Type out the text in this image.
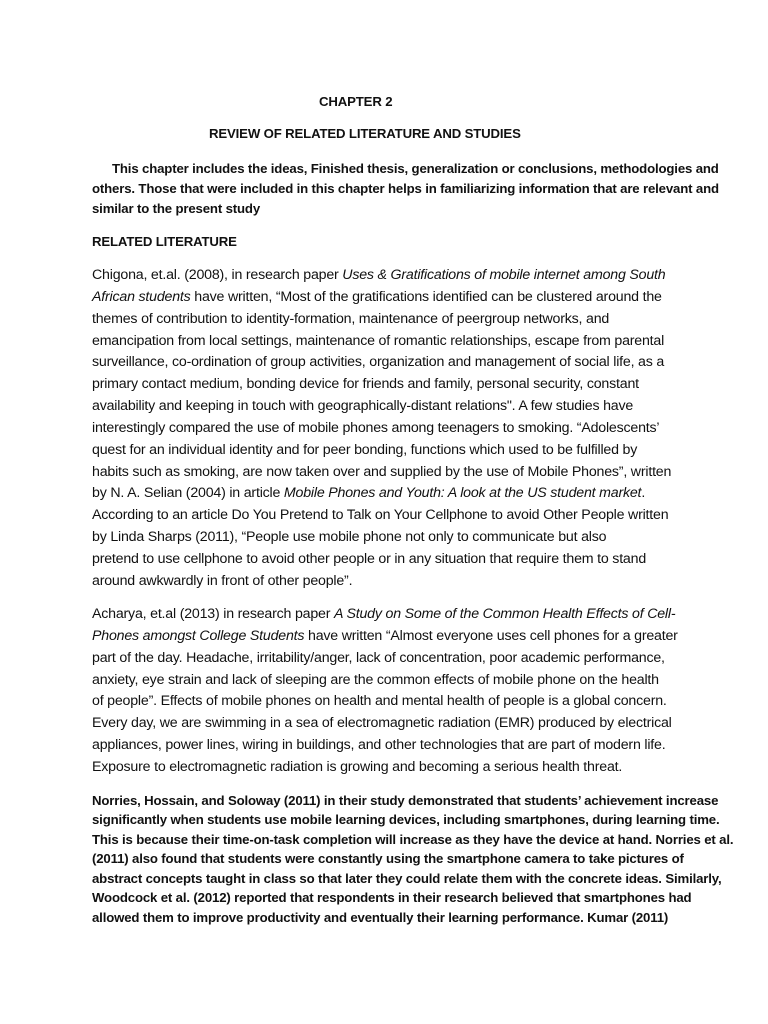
CHAPTER 2

REVIEW OF RELATED LITERATURE AND STUDIES

This chapter includes the ideas, Finished thesis, generalization or conclusions, methodologies and

others. Those that were included in this chapter helps in familiarizing information that are relevant and

similar to the present study

RELATED LITERATURE

Chigona, et.al. (2008), in research paper Uses & Gratifications of mobile internet among South

African students have written, “Most of the gratifications identified can be clustered around the

themes of contribution to identity-formation, maintenance of peergroup networks, and

emancipation from local settings, maintenance of romantic relationships, escape from parental

surveillance, co-ordination of group activities, organization and management of social life, as a

primary contact medium, bonding device for friends and family, personal security, constant

availability and keeping in touch with geographically-distant relations". A few studies have

interestingly compared the use of mobile phones among teenagers to smoking. “Adolescents’

quest for an individual identity and for peer bonding, functions which used to be fulfilled by

habits such as smoking, are now taken over and supplied by the use of Mobile Phones”, written

by N. A. Selian (2004) in article Mobile Phones and Youth: A look at the US student market.

According to an article Do You Pretend to Talk on Your Cellphone to avoid Other People written

by Linda Sharps (2011), “People use mobile phone not only to communicate but also

pretend to use cellphone to avoid other people or in any situation that require them to stand

around awkwardly in front of other people”.

Acharya, et.al (2013) in research paper A Study on Some of the Common Health Effects of Cell-

Phones amongst College Students have written “Almost everyone uses cell phones for a greater

part of the day. Headache, irritability/anger, lack of concentration, poor academic performance,

anxiety, eye strain and lack of sleeping are the common effects of mobile phone on the health

of people”. Effects of mobile phones on health and mental health of people is a global concern.

Every day, we are swimming in a sea of electromagnetic radiation (EMR) produced by electrical

appliances, power lines, wiring in buildings, and other technologies that are part of modern life.

Exposure to electromagnetic radiation is growing and becoming a serious health threat.

Norries, Hossain, and Soloway (2011) in their study demonstrated that students’ achievement increase

significantly when students use mobile learning devices, including smartphones, during learning time.

This is because their time-on-task completion will increase as they have the device at hand. Norries et al.

(2011) also found that students were constantly using the smartphone camera to take pictures of

abstract concepts taught in class so that later they could relate them with the concrete ideas. Similarly,

Woodcock et al. (2012) reported that respondents in their research believed that smartphones had

allowed them to improve productivity and eventually their learning performance. Kumar (2011)
